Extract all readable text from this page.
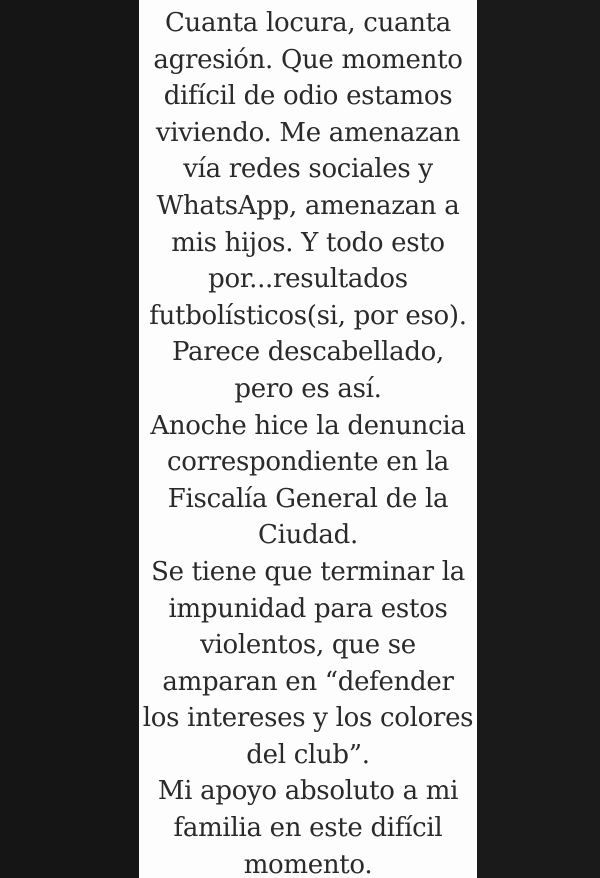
Cuanta locura, cuanta
agresión. Que momento
difícil de odio estamos
viviendo. Me amenazan
vía redes sociales y
WhatsApp, amenazan a
mis hijos. Y todo esto
por...resultados
futbolísticos(si, por eso).
Parece descabellado,
pero es así.
Anoche hice la denuncia
correspondiente en la
Fiscalía General de la
Ciudad.
Se tiene que terminar la
impunidad para estos
violentos, que se
amparan en “defender
los intereses y los colores
del club”.
Mi apoyo absoluto a mi
familia en este difícil
momento.
